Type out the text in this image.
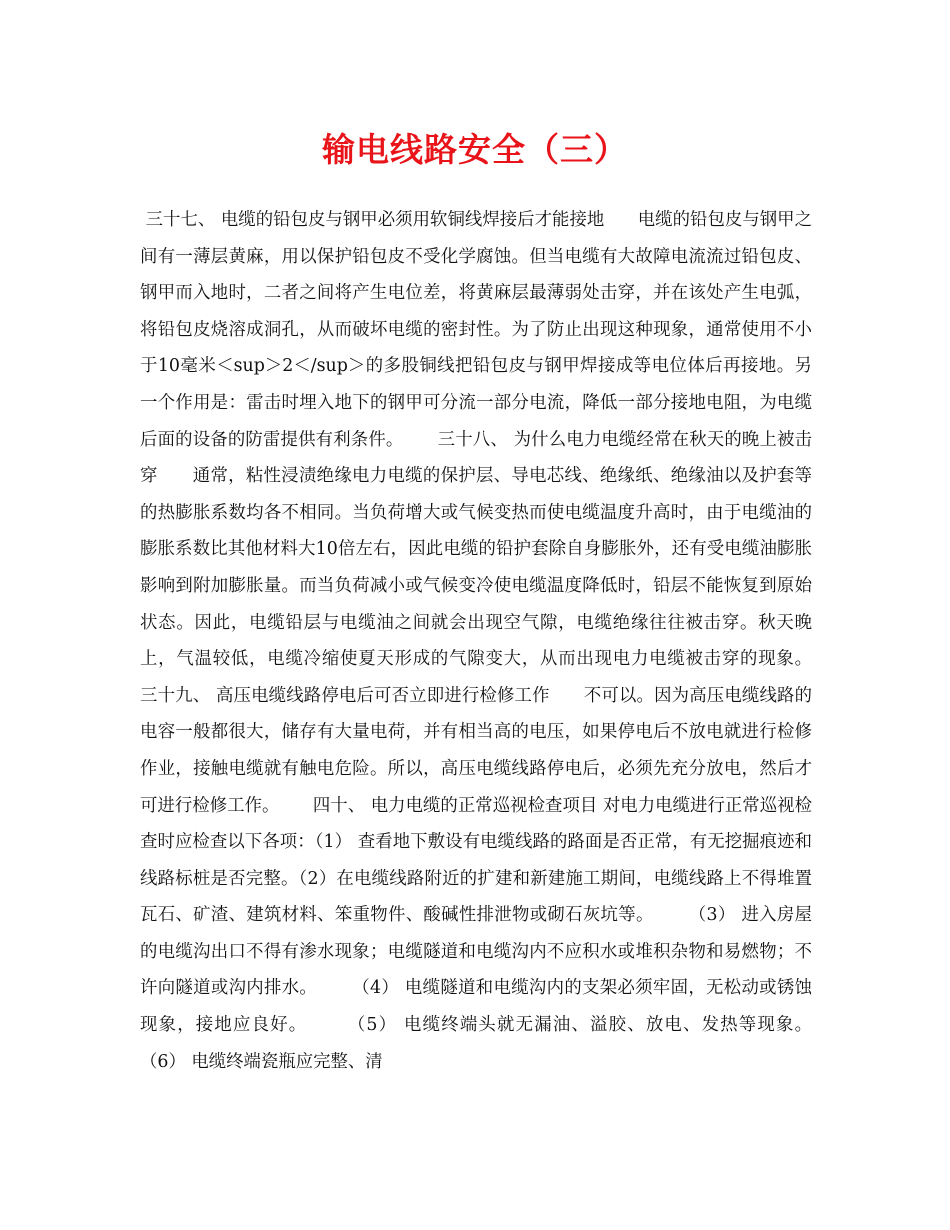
输电线路安全（三）
三十七、 电缆的铅包皮与钢甲必须用软铜线焊接后才能接地      电缆的铅包皮与钢甲之间有一薄层黄麻，用以保护铅包皮不受化学腐蚀。但当电缆有大故障电流流过铅包皮、钢甲而入地时，二者之间将产生电位差，将黄麻层最薄弱处击穿，并在该处产生电弧，将铅包皮烧溶成洞孔，从而破坏电缆的密封性。为了防止出现这种现象，通常使用不小于10毫米＜sup＞2＜/sup＞的多股铜线把铅包皮与钢甲焊接成等电位体后再接地。另一个作用是：雷击时埋入地下的钢甲可分流一部分电流，降低一部分接地电阻，为电缆后面的设备的防雷提供有利条件。      三十八、 为什么电力电缆经常在秋天的晚上被击穿      通常，粘性浸渍绝缘电力电缆的保护层、导电芯线、绝缘纸、绝缘油以及护套等的热膨胀系数均各不相同。当负荷增大或气候变热而使电缆温度升高时，由于电缆油的膨胀系数比其他材料大10倍左右，因此电缆的铅护套除自身膨胀外，还有受电缆油膨胀影响到附加膨胀量。而当负荷减小或气候变冷使电缆温度降低时，铅层不能恢复到原始状态。因此，电缆铅层与电缆油之间就会出现空气隙，电缆绝缘往往被击穿。秋天晚上，气温较低，电缆冷缩使夏天形成的气隙变大，从而出现电力电缆被击穿的现象。      三十九、 高压电缆线路停电后可否立即进行检修工作      不可以。因为高压电缆线路的电容一般都很大，储存有大量电荷，并有相当高的电压，如果停电后不放电就进行检修作业，接触电缆就有触电危险。所以，高压电缆线路停电后，必须先充分放电，然后才可进行检修工作。      四十、 电力电缆的正常巡视检查项目 对电力电缆进行正常巡视检查时应检查以下各项：（1） 查看地下敷设有电缆线路的路面是否正常，有无挖掘痕迹和线路标桩是否完整。（2）在电缆线路附近的扩建和新建施工期间，电缆线路上不得堆置瓦石、矿渣、建筑材料、笨重物件、酸碱性排泄物或砌石灰坑等。      （3） 进入房屋的电缆沟出口不得有渗水现象；电缆隧道和电缆沟内不应积水或堆积杂物和易燃物；不许向隧道或沟内排水。      （4） 电缆隧道和电缆沟内的支架必须牢固，无松动或锈蚀现象，接地应良好。      （5） 电缆终端头就无漏油、溢胶、放电、发热等现象。      （6） 电缆终端瓷瓶应完整、清
